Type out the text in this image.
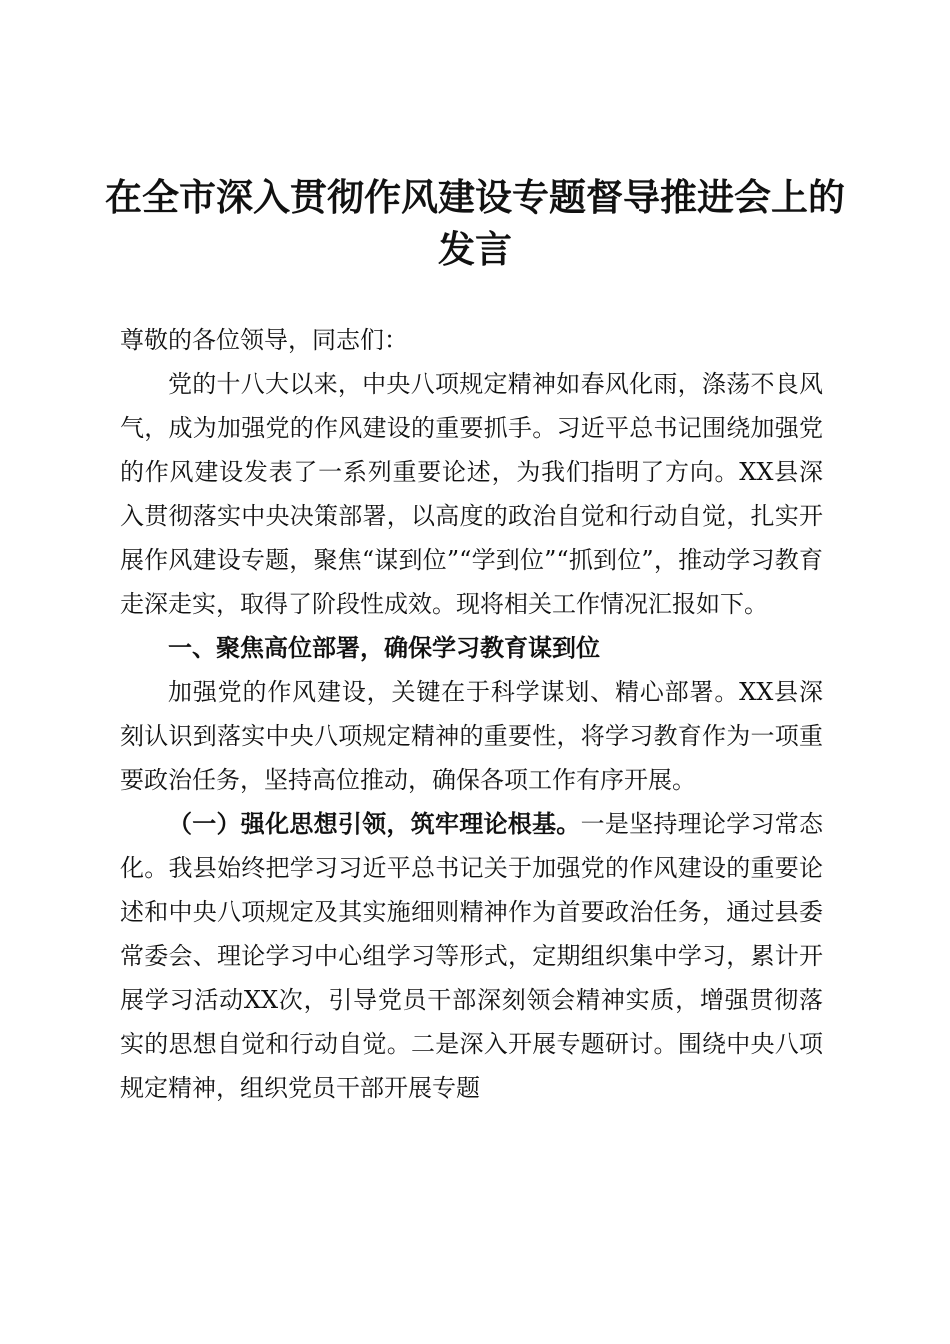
在全市深入贯彻作风建设专题督导推进会上的
发言

尊敬的各位领导，同志们：

党的十八大以来，中央八项规定精神如春风化雨，涤荡不良风气，成为加强党的作风建设的重要抓手。习近平总书记围绕加强党的作风建设发表了一系列重要论述，为我们指明了方向。XX县深入贯彻落实中央决策部署，以高度的政治自觉和行动自觉，扎实开展作风建设专题，聚焦“谋到位”“学到位”“抓到位”，推动学习教育走深走实，取得了阶段性成效。现将相关工作情况汇报如下。

一、聚焦高位部署，确保学习教育谋到位

加强党的作风建设，关键在于科学谋划、精心部署。XX县深刻认识到落实中央八项规定精神的重要性，将学习教育作为一项重要政治任务，坚持高位推动，确保各项工作有序开展。

（一）强化思想引领，筑牢理论根基。一是坚持理论学习常态化。我县始终把学习习近平总书记关于加强党的作风建设的重要论述和中央八项规定及其实施细则精神作为首要政治任务，通过县委常委会、理论学习中心组学习等形式，定期组织集中学习，累计开展学习活动XX次，引导党员干部深刻领会精神实质，增强贯彻落实的思想自觉和行动自觉。二是深入开展专题研讨。围绕中央八项规定精神，组织党员干部开展专题
